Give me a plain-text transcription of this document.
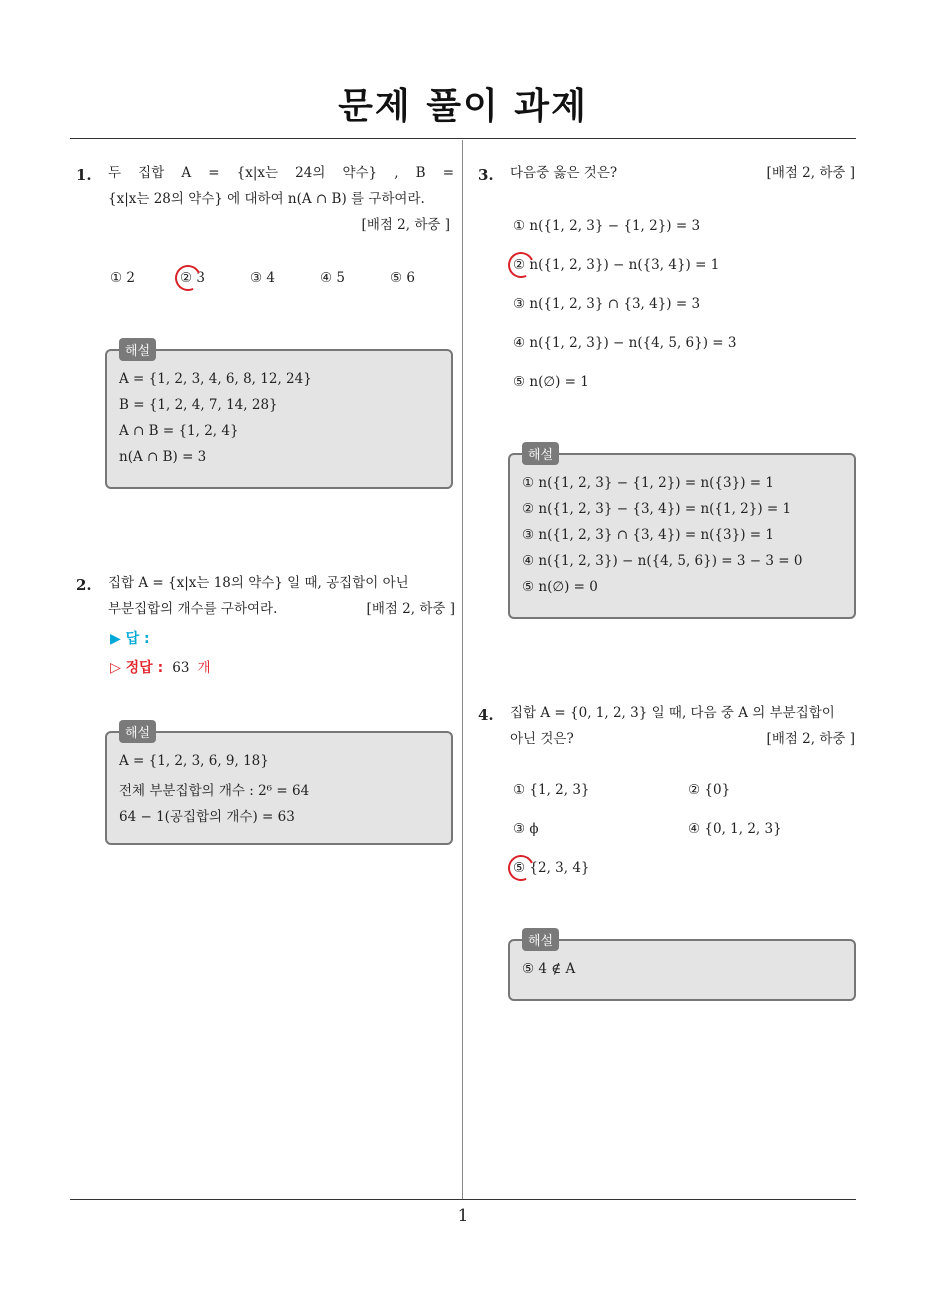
문제 풀이 과제
1. 두 집합 A = {x|x는 24의 약수} , B =
{x|x는 28의 약수} 에 대하여 n(A ∩ B) 를 구하여라.
[배점 2, 하중 ]
① 2	② 3	③ 4	④ 5	⑤ 6
해설
A = {1, 2, 3, 4, 6, 8, 12, 24}
B = {1, 2, 4, 7, 14, 28}
A ∩ B = {1, 2, 4}
n(A ∩ B) = 3
2. 집합 A = {x|x는 18의 약수} 일 때, 공집합이 아닌
부분집합의 개수를 구하여라.	[배점 2, 하중 ]
▶ 답 :
▷ 정답 : 63 개
해설
A = {1, 2, 3, 6, 9, 18}
전체 부분집합의 개수 : 2⁶ = 64
64 − 1(공집합의 개수) = 63
3. 다음중 옳은 것은?	[배점 2, 하중 ]
① n({1, 2, 3} − {1, 2}) = 3
② n({1, 2, 3}) − n({3, 4}) = 1
③ n({1, 2, 3} ∩ {3, 4}) = 3
④ n({1, 2, 3}) − n({4, 5, 6}) = 3
⑤ n(∅) = 1
해설
① n({1, 2, 3} − {1, 2}) = n({3}) = 1
② n({1, 2, 3} − {3, 4}) = n({1, 2}) = 1
③ n({1, 2, 3} ∩ {3, 4}) = n({3}) = 1
④ n({1, 2, 3}) − n({4, 5, 6}) = 3 − 3 = 0
⑤ n(∅) = 0
4. 집합 A = {0, 1, 2, 3} 일 때, 다음 중 A 의 부분집합이
아닌 것은?	[배점 2, 하중 ]
① {1, 2, 3}	② {0}
③ ϕ	④ {0, 1, 2, 3}
⑤ {2, 3, 4}
해설
⑤ 4 ∉ A
1
